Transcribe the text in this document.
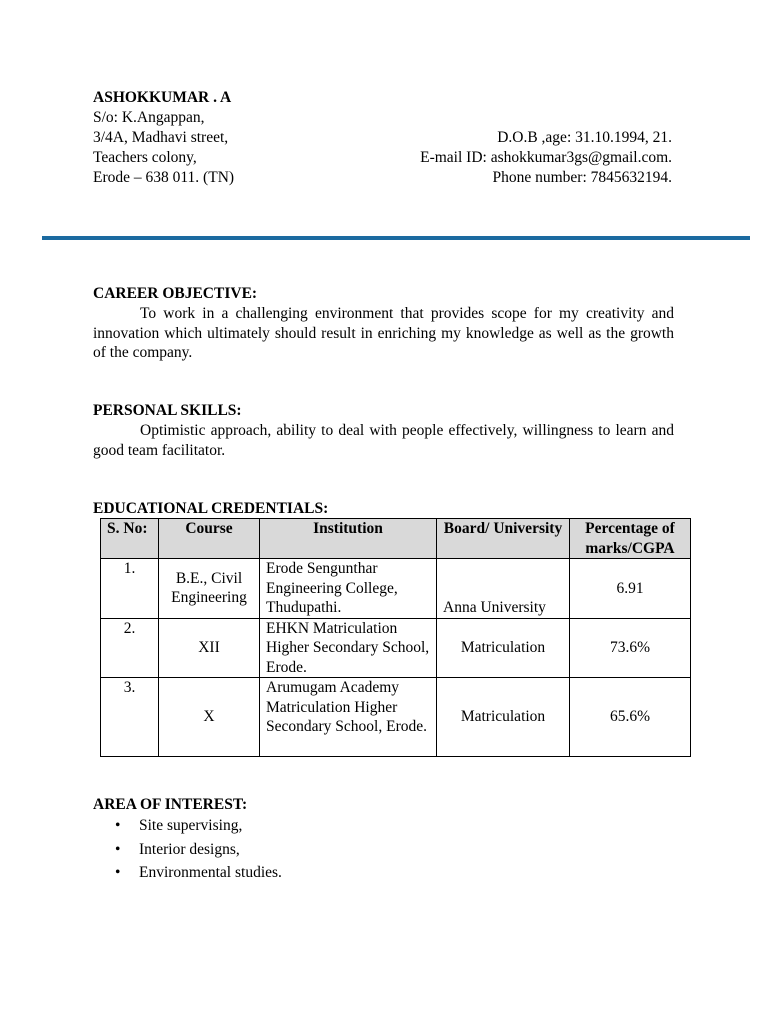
ASHOKKUMAR . A
S/o: K.Angappan,
3/4A, Madhavi street,
Teachers colony,
Erode – 638 011. (TN)
D.O.B ,age: 31.10.1994, 21.
E-mail ID: ashokkumar3gs@gmail.com.
Phone number: 7845632194.
CAREER OBJECTIVE:
To work in a challenging environment that provides scope for my creativity and innovation which ultimately should result in enriching my knowledge as well as the growth of the company.
PERSONAL SKILLS:
Optimistic approach, ability to deal with people effectively, willingness to learn and good team facilitator.
EDUCATIONAL CREDENTIALS:
S. No:	Course	Institution	Board/ University	Percentage of marks/CGPA
1.	B.E., Civil Engineering	Erode Sengunthar Engineering College, Thudupathi.	Anna University	6.91
2.	XII	EHKN Matriculation Higher Secondary School, Erode.	Matriculation	73.6%
3.	X	Arumugam Academy Matriculation Higher Secondary School, Erode.	Matriculation	65.6%
AREA OF INTEREST:
• Site supervising,
• Interior designs,
• Environmental studies.
